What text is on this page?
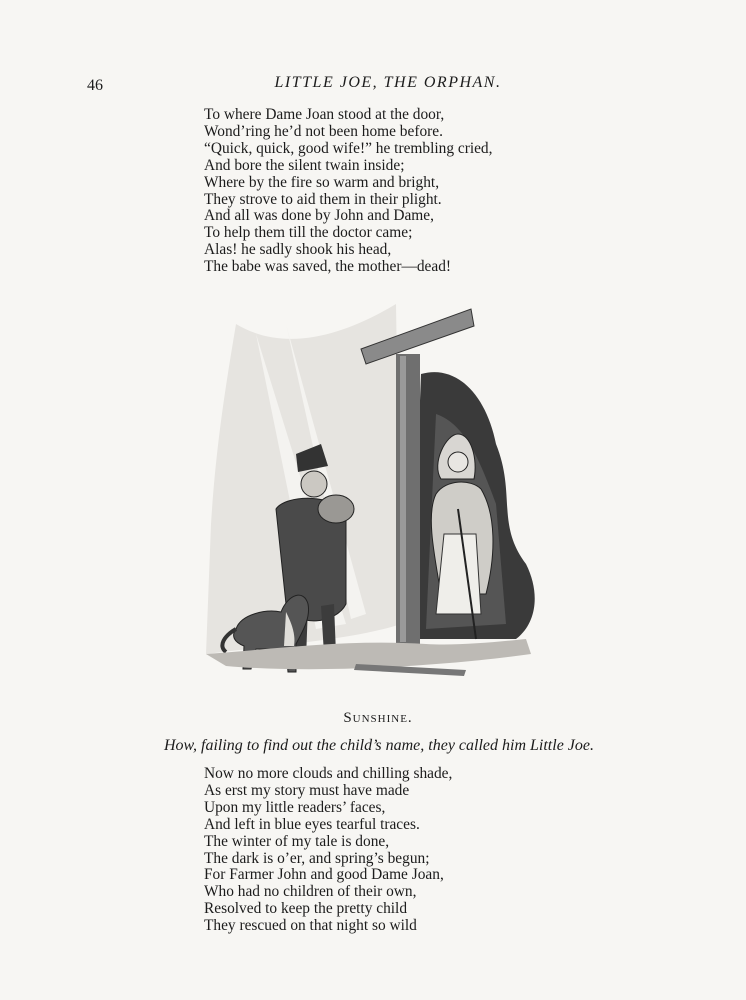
46	LITTLE JOE, THE ORPHAN.
To where Dame Joan stood at the door,
Wond’ring he’d not been home before.
“Quick, quick, good wife!” he trembling cried,
And bore the silent twain inside;
Where by the fire so warm and bright,
They strove to aid them in their plight.
And all was done by John and Dame,
To help them till the doctor came;
Alas! he sadly shook his head,
The babe was saved, the mother—dead!
Sunshine.
How, failing to find out the child’s name, they called him Little Joe.
Now no more clouds and chilling shade,
As erst my story must have made
Upon my little readers’ faces,
And left in blue eyes tearful traces.
The winter of my tale is done,
The dark is o’er, and spring’s begun;
For Farmer John and good Dame Joan,
Who had no children of their own,
Resolved to keep the pretty child
They rescued on that night so wild
